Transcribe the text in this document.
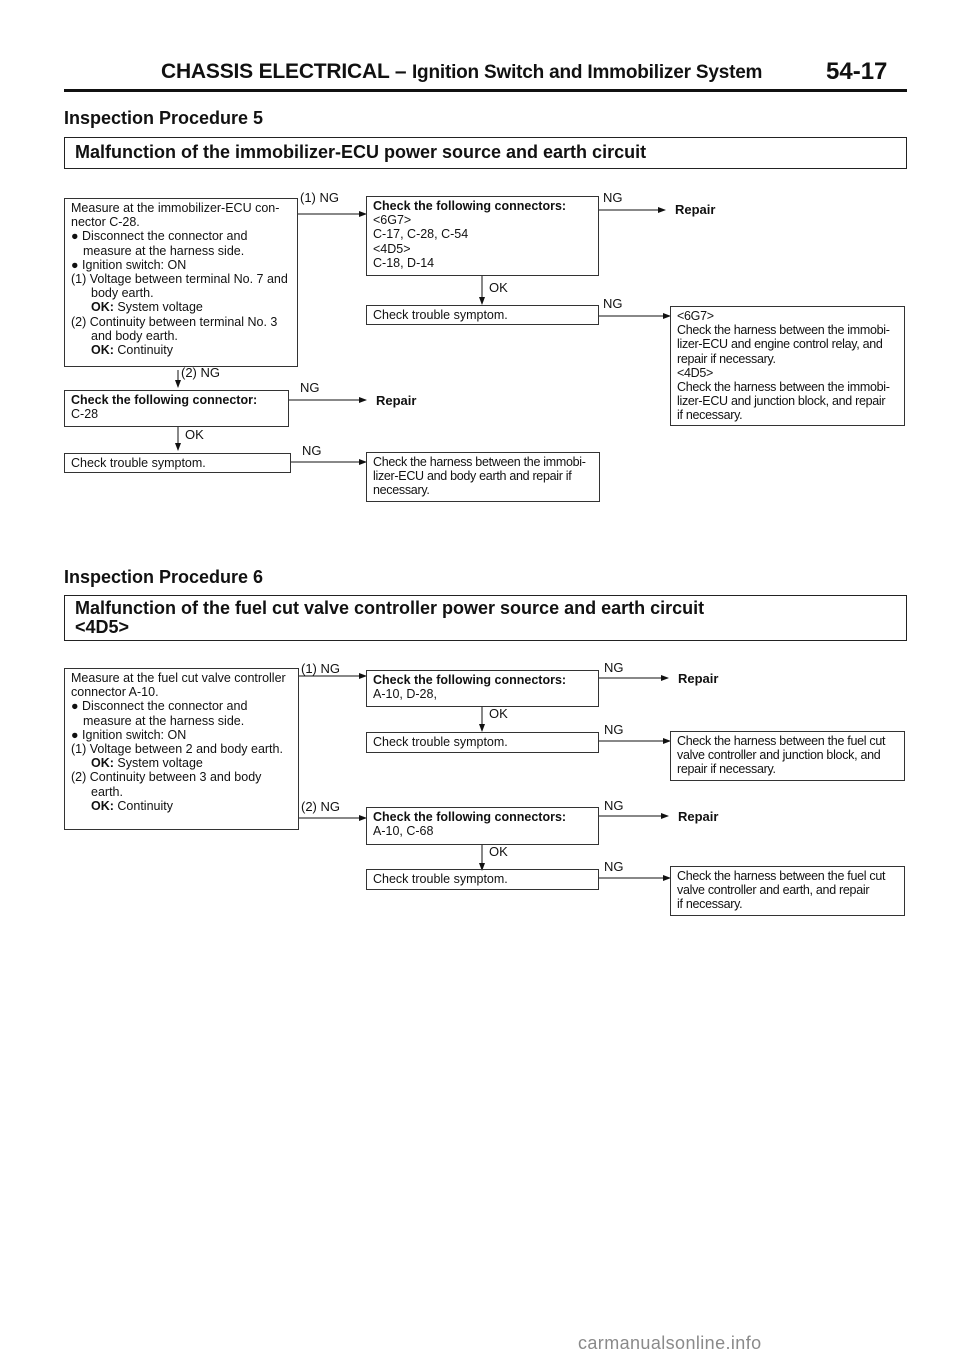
CHASSIS ELECTRICAL – Ignition Switch and Immobilizer System	54-17
Inspection Procedure 5
Malfunction of the immobilizer-ECU power source and earth circuit
Measure at the immobilizer-ECU con-
nector C-28.
● Disconnect the connector and
measure at the harness side.
● Ignition switch: ON
(1) Voltage between terminal No. 7 and
body earth.
OK: System voltage
(2) Continuity between terminal No. 3
and body earth.
OK: Continuity
(1) NG
Check the following connectors:
<6G7>
C-17, C-28, C-54
<4D5>
C-18, D-14
NG
Repair
OK
Check trouble symptom.
NG
<6G7>
Check the harness between the immobi-
lizer-ECU and engine control relay, and
repair if necessary.
<4D5>
Check the harness between the immobi-
lizer-ECU and junction block, and repair
if necessary.
(2) NG
Check the following connector:
C-28
NG
Repair
OK
Check trouble symptom.
NG
Check the harness between the immobi-
lizer-ECU and body earth and repair if
necessary.
Inspection Procedure 6
Malfunction of the fuel cut valve controller power source and earth circuit
<4D5>
Measure at the fuel cut valve controller
connector A-10.
● Disconnect the connector and
measure at the harness side.
● Ignition switch: ON
(1) Voltage between 2 and body earth.
OK: System voltage
(2) Continuity between 3 and body
earth.
OK: Continuity
(1) NG
Check the following connectors:
A-10, D-28,
NG
Repair
OK
Check trouble symptom.
NG
Check the harness between the fuel cut
valve controller and junction block, and
repair if necessary.
(2) NG
Check the following connectors:
A-10, C-68
NG
Repair
OK
Check trouble symptom.
NG
Check the harness between the fuel cut
valve controller and earth, and repair
if necessary.
carmanualsonline.info
